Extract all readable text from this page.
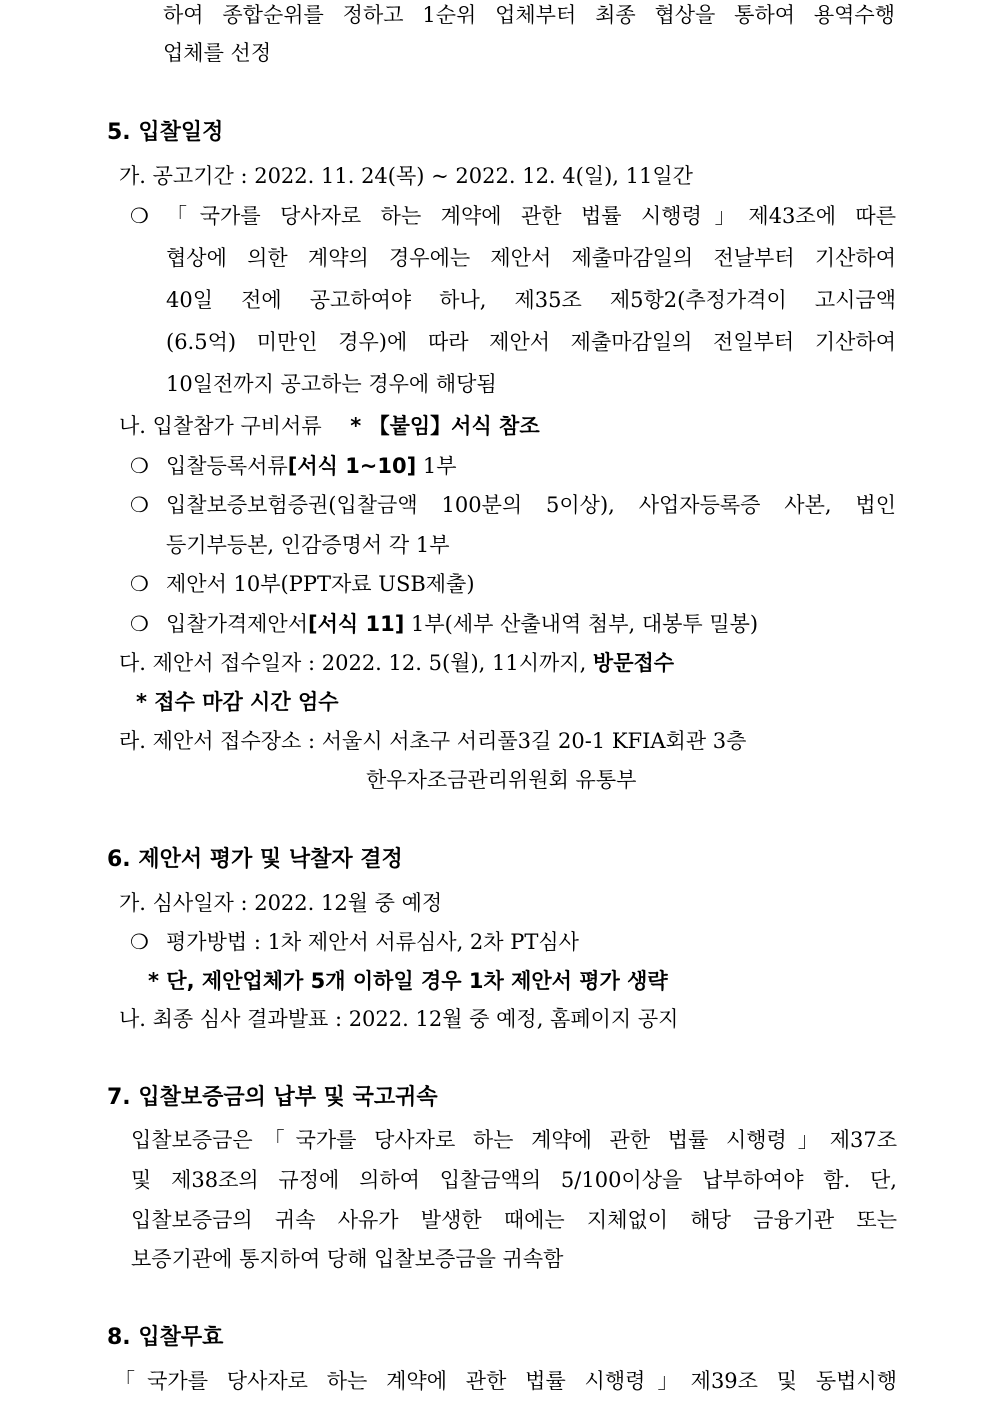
하여 종합순위를 정하고 1순위 업체부터 최종 협상을 통하여 용역수행
업체를 선정
5. 입찰일정
가. 공고기간 : 2022. 11. 24(목) ~ 2022. 12. 4(일), 11일간
❍ 「국가를 당사자로 하는 계약에 관한 법률 시행령」제43조에 따른
협상에 의한 계약의 경우에는 제안서 제출마감일의 전날부터 기산하여
40일 전에 공고하여야 하나, 제35조 제5항2(추정가격이 고시금액
(6.5억) 미만인 경우)에 따라 제안서 제출마감일의 전일부터 기산하여
10일전까지 공고하는 경우에 해당됨
나. 입찰참가 구비서류 * 【붙임】서식 참조
❍ 입찰등록서류[서식 1~10] 1부
❍ 입찰보증보험증권(입찰금액 100분의 5이상), 사업자등록증 사본, 법인
등기부등본, 인감증명서 각 1부
❍ 제안서 10부(PPT자료 USB제출)
❍ 입찰가격제안서[서식 11] 1부(세부 산출내역 첨부, 대봉투 밀봉)
다. 제안서 접수일자 : 2022. 12. 5(월), 11시까지, 방문접수
* 접수 마감 시간 엄수
라. 제안서 접수장소 : 서울시 서초구 서리풀3길 20-1 KFIA회관 3층
한우자조금관리위원회 유통부
6. 제안서 평가 및 낙찰자 결정
가. 심사일자 : 2022. 12월 중 예정
❍ 평가방법 : 1차 제안서 서류심사, 2차 PT심사
* 단, 제안업체가 5개 이하일 경우 1차 제안서 평가 생략
나. 최종 심사 결과발표 : 2022. 12월 중 예정, 홈페이지 공지
7. 입찰보증금의 납부 및 국고귀속
입찰보증금은「국가를 당사자로 하는 계약에 관한 법률 시행령」제37조
및 제38조의 규정에 의하여 입찰금액의 5/100이상을 납부하여야 함. 단,
입찰보증금의 귀속 사유가 발생한 때에는 지체없이 해당 금융기관 또는
보증기관에 통지하여 당해 입찰보증금을 귀속함
8. 입찰무효
「국가를 당사자로 하는 계약에 관한 법률 시행령」제39조 및 동법시행
